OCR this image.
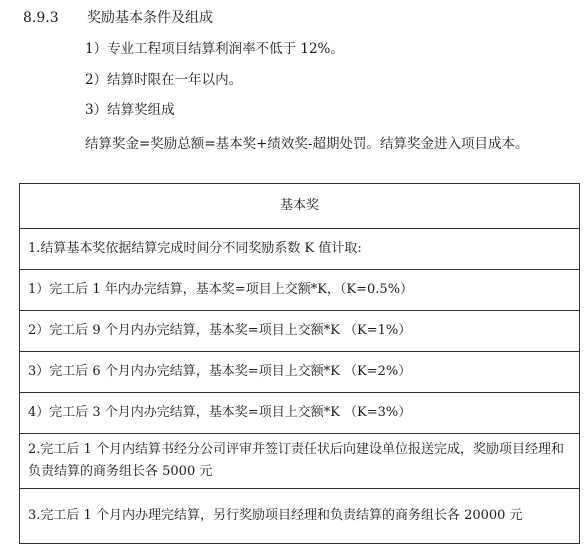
8.9.3 奖励基本条件及组成
1）专业工程项目结算利润率不低于 12%。
2）结算时限在一年以内。
3）结算奖组成
结算奖金=奖励总额=基本奖+绩效奖-超期处罚。结算奖金进入项目成本。
基本奖
1.结算基本奖依据结算完成时间分不同奖励系数 K 值计取:
1）完工后 1 年内办完结算，基本奖=项目上交额*K，（K=0.5%）
2）完工后 9 个月内办完结算，基本奖=项目上交额*K （K=1%）
3）完工后 6 个月内办完结算，基本奖=项目上交额*K （K=2%）
4）完工后 3 个月内办完结算，基本奖=项目上交额*K （K=3%）
2.完工后 1 个月内结算书经分公司评审并签订责任状后向建设单位报送完成，奖励项目经理和负责结算的商务组长各 5000 元
3.完工后 1 个月内办理完结算，另行奖励项目经理和负责结算的商务组长各 20000 元
